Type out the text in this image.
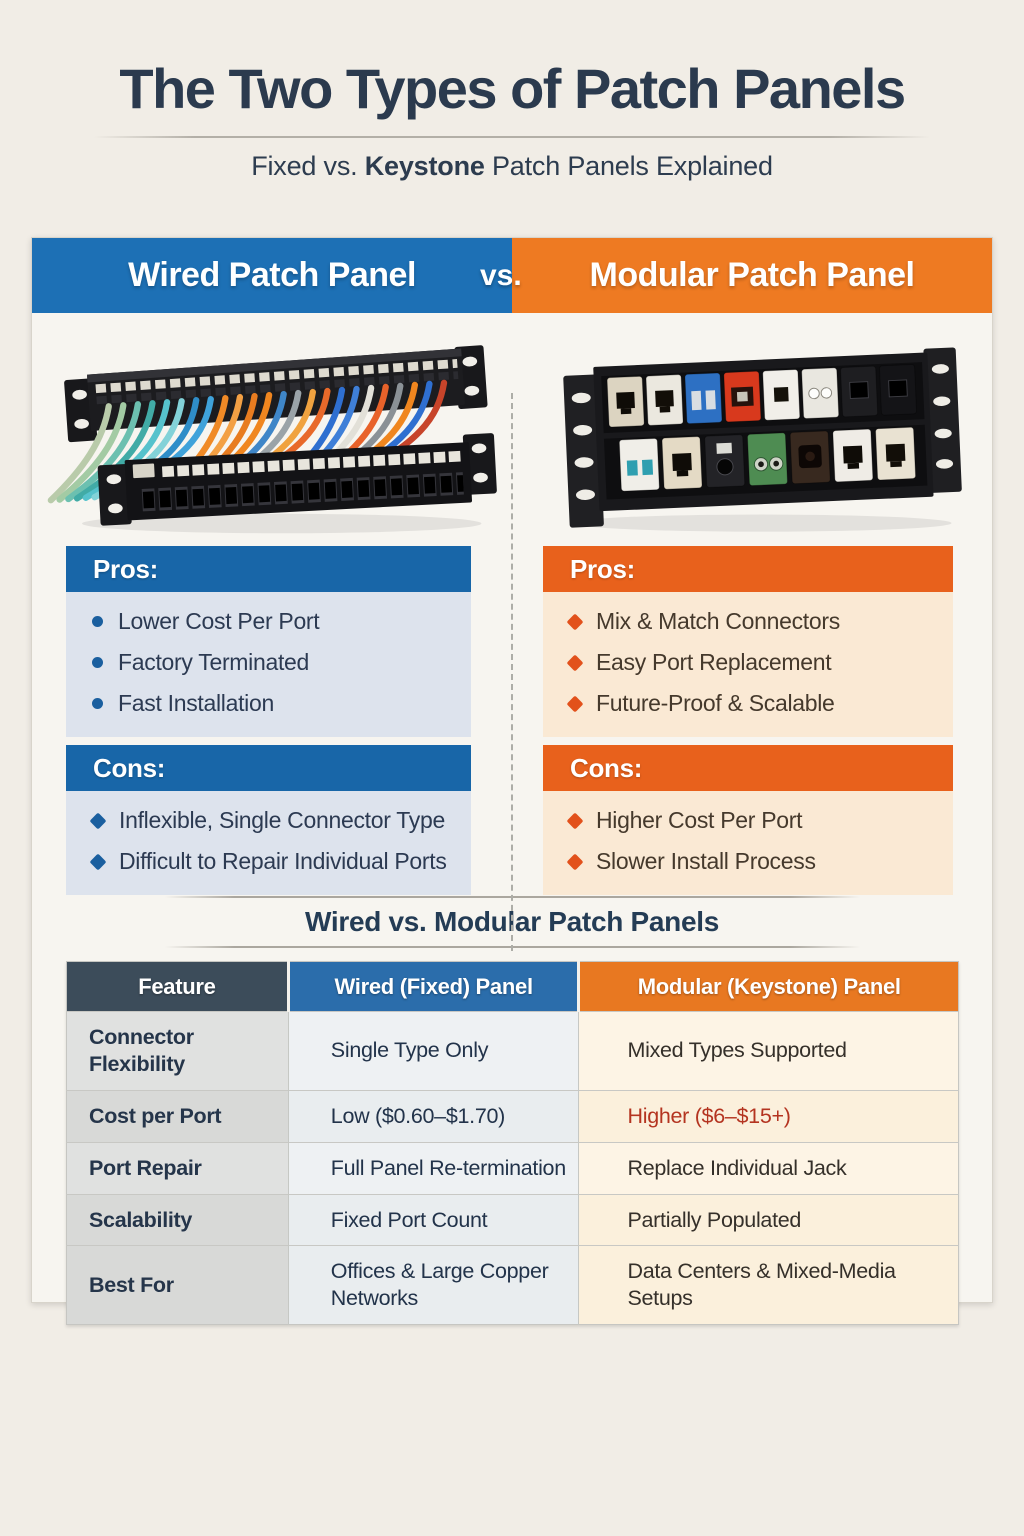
The Two Types of Patch Panels
Fixed vs. Keystone Patch Panels Explained
Wired Patch Panel	Modular Patch Panel
vs.
Pros:
Lower Cost Per Port
Factory Terminated
Fast Installation
Cons:
Inflexible, Single Connector Type
Difficult to Repair Individual Ports
Pros:
Mix & Match Connectors
Easy Port Replacement
Future-Proof & Scalable
Cons:
Higher Cost Per Port
Slower Install Process
Wired vs. Modular Patch Panels
Feature	Wired (Fixed) Panel	Modular (Keystone) Panel
Connector Flexibility	Single Type Only	Mixed Types Supported
Cost per Port	Low ($0.60–$1.70)	Higher ($6–$15+)
Port Repair	Full Panel Re-termination	Replace Individual Jack
Scalability	Fixed Port Count	Partially Populated
Best For	Offices & Large Copper Networks	Data Centers & Mixed-Media Setups
